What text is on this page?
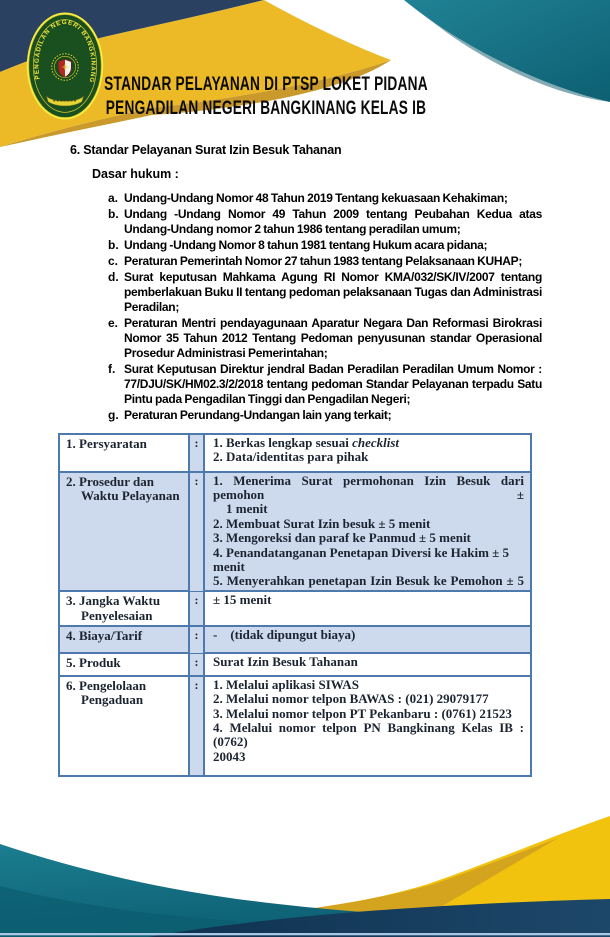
PENGADILAN NEGERI BANGKINANG STANDAR PELAYANAN DI PTSP LOKET PIDANA
PENGADILAN NEGERI BANGKINANG KELAS IB
6. Standar Pelayanan Surat Izin Besuk Tahanan
Dasar hukum :
a. Undang-Undang Nomor 48 Tahun 2019 Tentang kekuasaan Kehakiman;
b. Undang -Undang Nomor 49 Tahun 2009 tentang Peubahan Kedua atas Undang-Undang nomor 2 tahun 1986 tentang peradilan umum;
b. Undang -Undang Nomor 8 tahun 1981 tentang Hukum acara pidana;
c. Peraturan Pemerintah Nomor 27 tahun 1983 tentang Pelaksanaan KUHAP;
d. Surat keputusan Mahkama Agung RI Nomor KMA/032/SK/IV/2007 tentang pemberlakuan Buku II tentang pedoman pelaksanaan Tugas dan Administrasi Peradilan;
e. Peraturan Mentri pendayagunaan Aparatur Negara Dan Reformasi Birokrasi Nomor 35 Tahun 2012 Tentang Pedoman penyusunan standar Operasional Prosedur Administrasi Pemerintahan;
f. Surat Keputusan Direktur jendral Badan Peradilan Peradilan Umum Nomor : 77/DJU/SK/HM02.3/2/2018 tentang pedoman Standar Pelayanan terpadu Satu Pintu pada Pengadilan Tinggi dan Pengadilan Negeri;
g. Peraturan Perundang-Undangan lain yang terkait;
1. Persyaratan	:	1. Berkas lengkap sesuai checklist
2. Data/identitas para pihak
2. Prosedur dan
Waktu Pelayanan
:	1. Menerima Surat permohonan Izin Besuk dari pemohon ±
1 menit
2. Membuat Surat Izin besuk ± 5 menit
3. Mengoreksi dan paraf ke Panmud ± 5 menit
4. Penandatanganan Penetapan Diversi ke Hakim ± 5 menit
5. Menyerahkan penetapan Izin Besuk ke Pemohon ± 5
3. Jangka Waktu
Penyelesaian
:	± 15 menit
4. Biaya/Tarif	:	-    (tidak dipungut biaya)
5. Produk	:	Surat Izin Besuk Tahanan
6. Pengelolaan
Pengaduan
:	1. Melalui aplikasi SIWAS
2. Melalui nomor telpon BAWAS : (021) 29079177
3. Melalui nomor telpon PT Pekanbaru : (0761) 21523
4. Melalui nomor telpon PN Bangkinang Kelas IB : (0762)
20043
